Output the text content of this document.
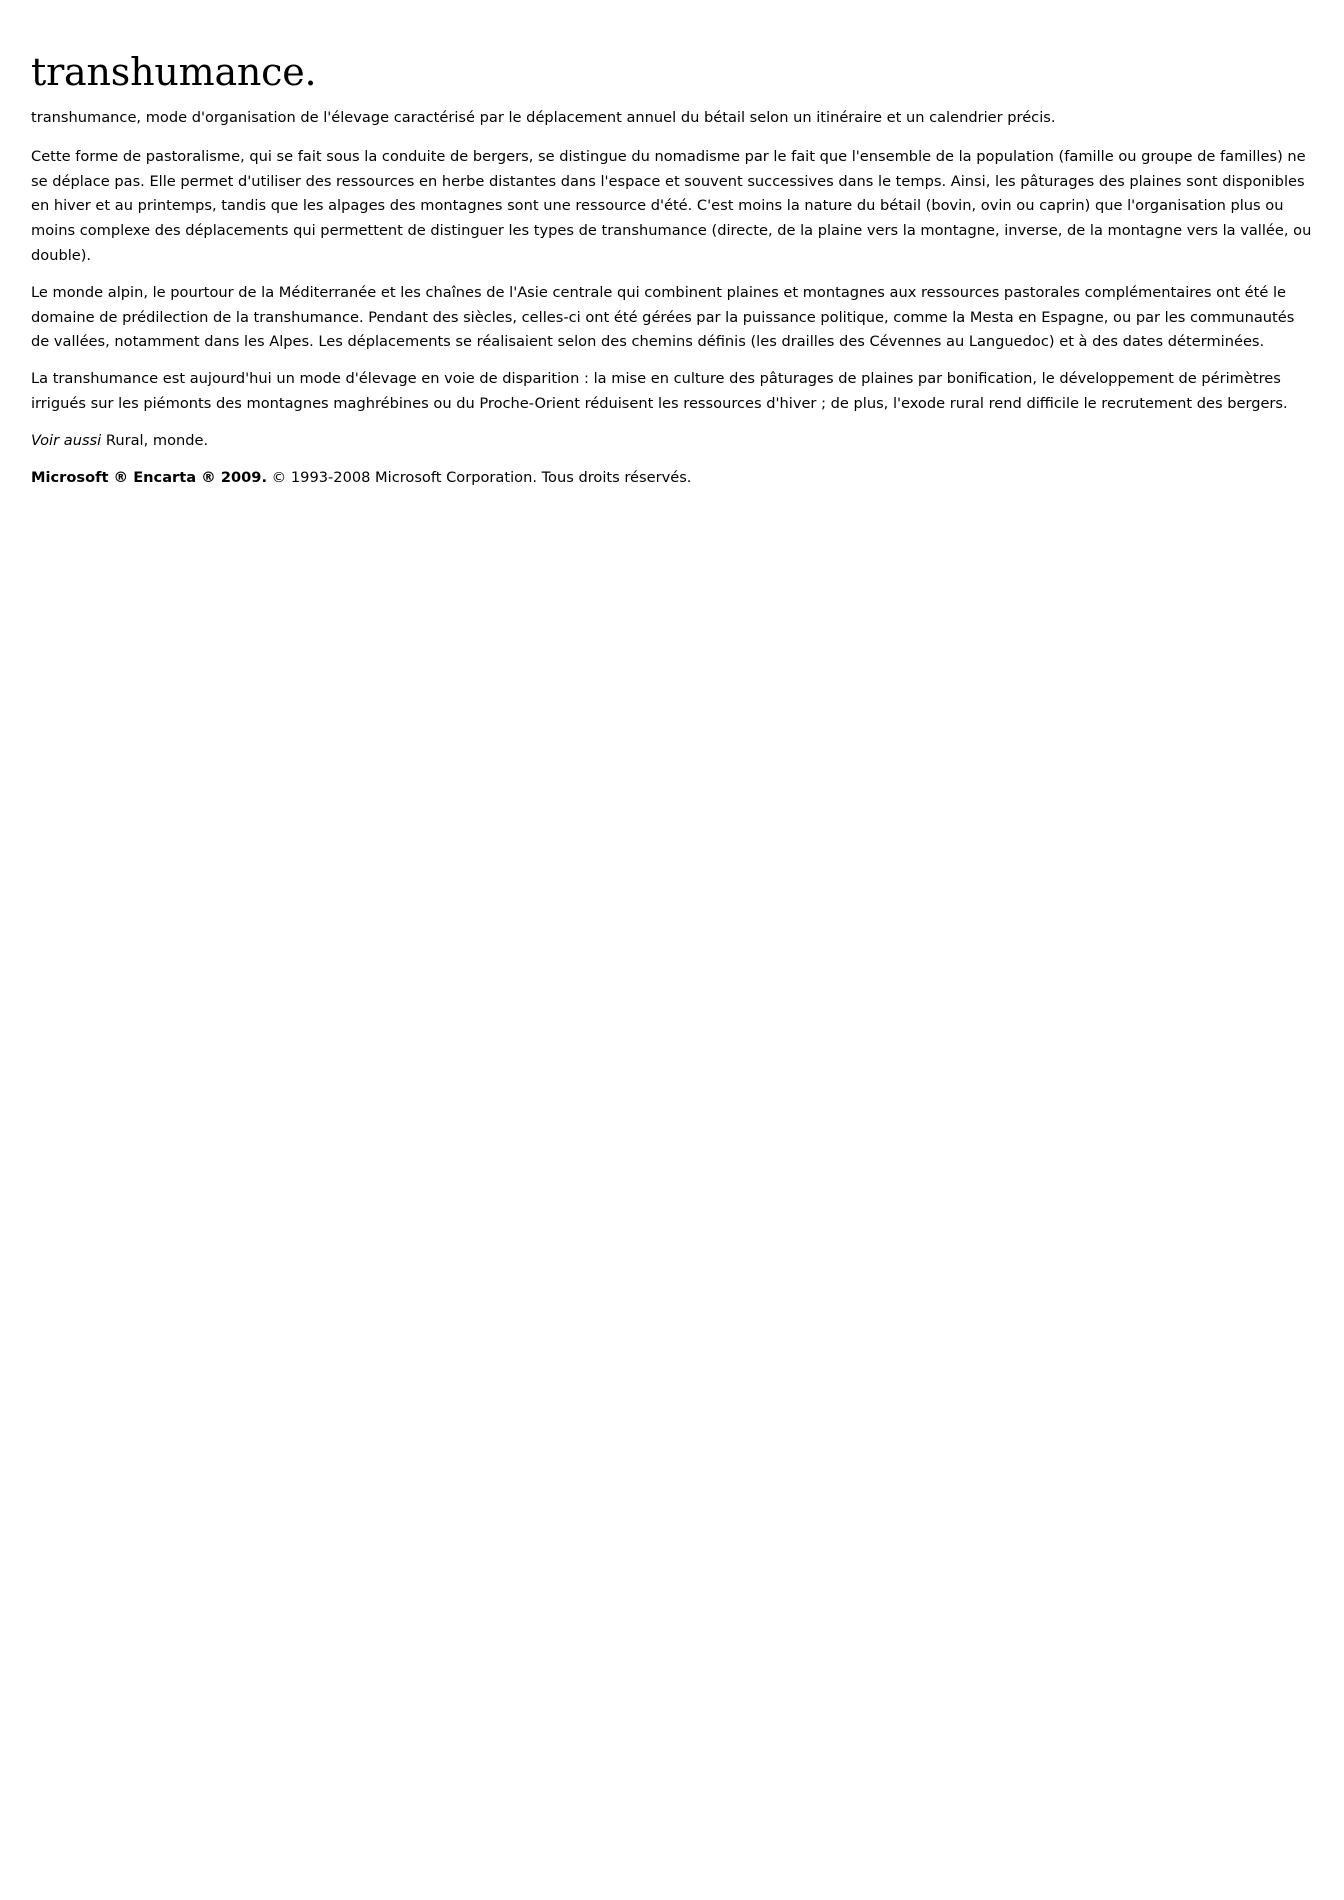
transhumance.

transhumance, mode d'organisation de l'élevage caractérisé par le déplacement annuel du bétail selon un itinéraire et un calendrier précis.

Cette forme de pastoralisme, qui se fait sous la conduite de bergers, se distingue du nomadisme par le fait que l'ensemble de la population (famille ou groupe de familles) ne se déplace pas. Elle permet d'utiliser des ressources en herbe distantes dans l'espace et souvent successives dans le temps. Ainsi, les pâturages des plaines sont disponibles en hiver et au printemps, tandis que les alpages des montagnes sont une ressource d'été. C'est moins la nature du bétail (bovin, ovin ou caprin) que l'organisation plus ou moins complexe des déplacements qui permettent de distinguer les types de transhumance (directe, de la plaine vers la montagne, inverse, de la montagne vers la vallée, ou double).

Le monde alpin, le pourtour de la Méditerranée et les chaînes de l'Asie centrale qui combinent plaines et montagnes aux ressources pastorales complémentaires ont été le domaine de prédilection de la transhumance. Pendant des siècles, celles-ci ont été gérées par la puissance politique, comme la Mesta en Espagne, ou par les communautés de vallées, notamment dans les Alpes. Les déplacements se réalisaient selon des chemins définis (les drailles des Cévennes au Languedoc) et à des dates déterminées.

La transhumance est aujourd'hui un mode d'élevage en voie de disparition : la mise en culture des pâturages de plaines par bonification, le développement de périmètres irrigués sur les piémonts des montagnes maghrébines ou du Proche-Orient réduisent les ressources d'hiver ; de plus, l'exode rural rend difficile le recrutement des bergers.

Voir aussi Rural, monde.

Microsoft ® Encarta ® 2009. © 1993-2008 Microsoft Corporation. Tous droits réservés.
